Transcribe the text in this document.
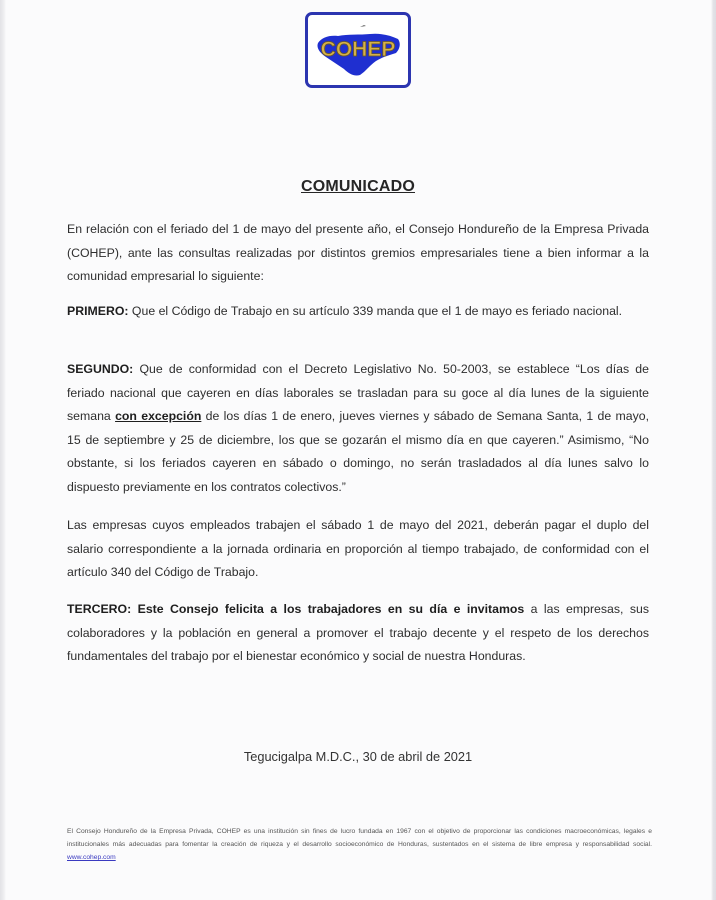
COHEP
COMUNICADO
En relación con el feriado del 1 de mayo del presente año, el Consejo Hondureño de la Empresa Privada (COHEP), ante las consultas realizadas por distintos gremios empresariales tiene a bien informar a la comunidad empresarial lo siguiente:
PRIMERO: Que el Código de Trabajo en su artículo 339 manda que el 1 de mayo es feriado nacional.
SEGUNDO: Que de conformidad con el Decreto Legislativo No. 50-2003, se establece “Los días de feriado nacional que cayeren en días laborales se trasladan para su goce al día lunes de la siguiente semana con excepción de los días 1 de enero, jueves viernes y sábado de Semana Santa, 1 de mayo, 15 de septiembre y 25 de diciembre, los que se gozarán el mismo día en que cayeren.” Asimismo, “No obstante, si los feriados cayeren en sábado o domingo, no serán trasladados al día lunes salvo lo dispuesto previamente en los contratos colectivos.”
Las empresas cuyos empleados trabajen el sábado 1 de mayo del 2021, deberán pagar el duplo del salario correspondiente a la jornada ordinaria en proporción al tiempo trabajado, de conformidad con el artículo 340 del Código de Trabajo.
TERCERO: Este Consejo felicita a los trabajadores en su día e invitamos a las empresas, sus colaboradores y la población en general a promover el trabajo decente y el respeto de los derechos fundamentales del trabajo por el bienestar económico y social de nuestra Honduras.
Tegucigalpa M.D.C., 30 de abril de 2021
El Consejo Hondureño de la Empresa Privada, COHEP es una institución sin fines de lucro fundada en 1967 con el objetivo de proporcionar las condiciones macroeconómicas, legales e institucionales más adecuadas para fomentar la creación de riqueza y el desarrollo socioeconómico de Honduras, sustentados en el sistema de libre empresa y responsabilidad social. www.cohep.com
